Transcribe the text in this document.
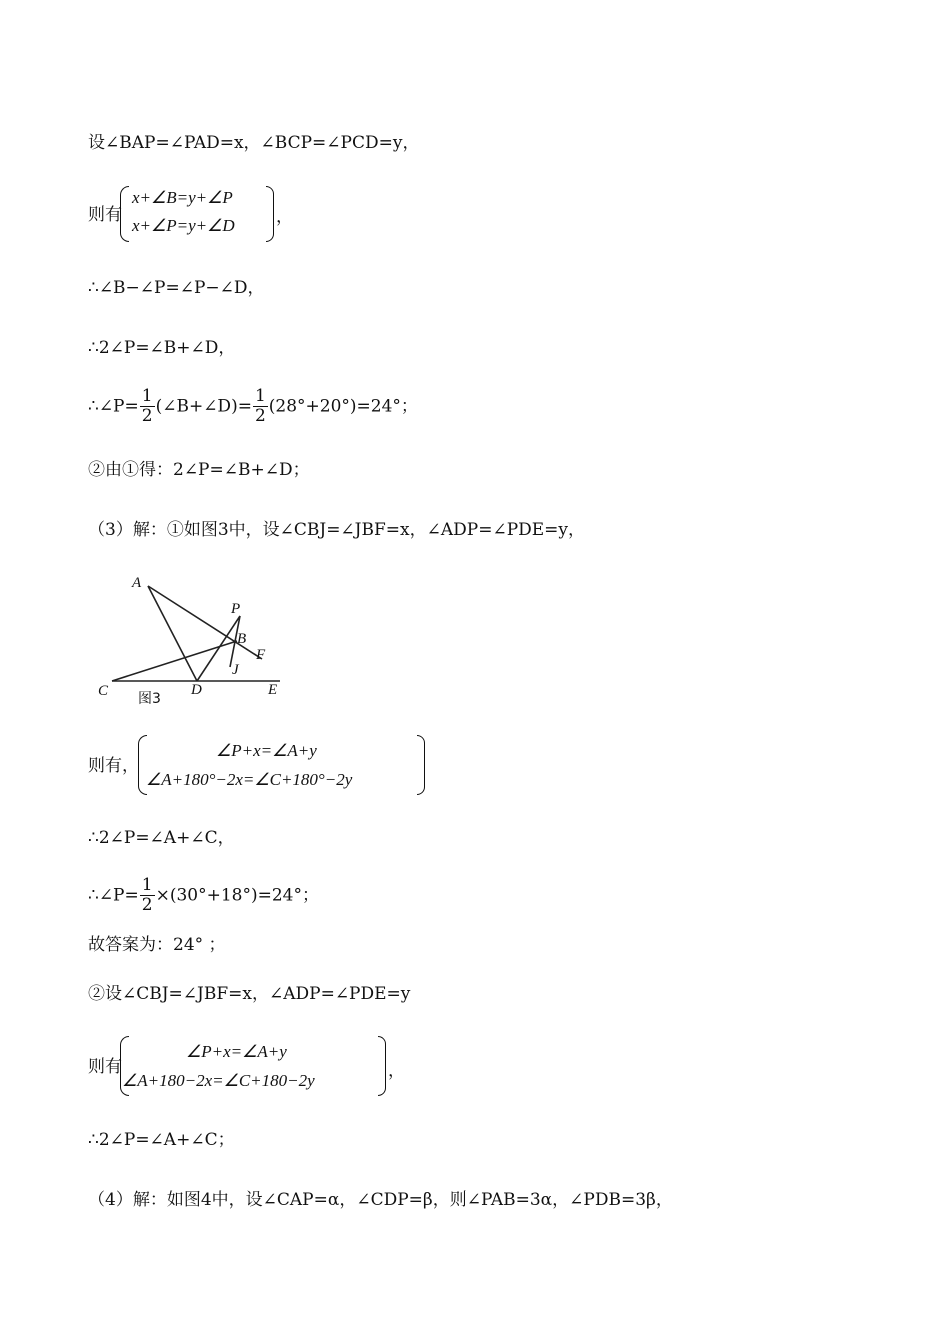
设∠BAP=∠PAD=x，∠BCP=∠PCD=y，
则有
x+∠B=y+∠P
x+∠P=y+∠D ，
∴∠B−∠P=∠P−∠D，
∴2∠P=∠B+∠D，
∴∠P= $\frac{1}{2}$ (∠B+∠D)= $\frac{1}{2} (28^\circ+20^\circ)=24^\circ$；
②由①得：2∠P=∠B+∠D；
（3）解：①如图3中，设∠CBJ=∠JBF=x，∠ADP=∠PDE=y，
A
P
B
F
J
C	D	E
图3
则有，
∠P+x=∠A+y
∠A+180°−2x=∠C+180°−2y
∴2∠P=∠A+∠C，
∴∠P= $\frac{1}{2} \times(30^\circ+18^\circ)=24^\circ$；
故答案为：24° ；
②设∠CBJ=∠JBF=x，∠ADP=∠PDE=y
则有
∠P+x=∠A+y
∠A+180−2x=∠C+180−2y	，
∴2∠P=∠A+∠C；
（4）解：如图4中，设∠CAP=α，∠CDP=β，则∠PAB=3α，∠PDB=3β，
